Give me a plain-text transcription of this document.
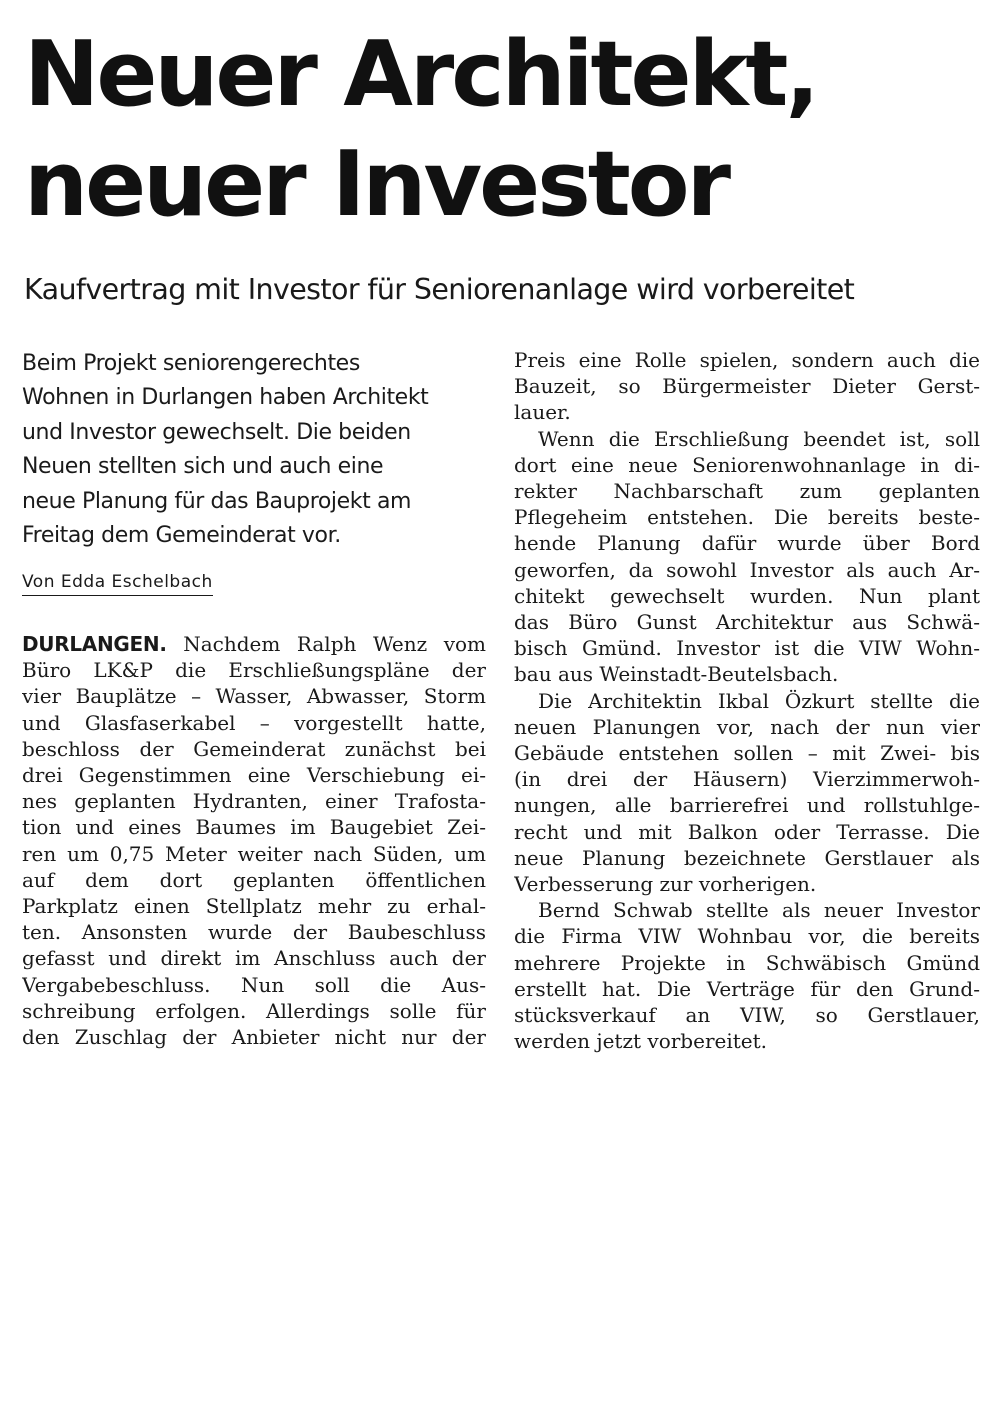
Neuer Architekt,
neuer Investor
Kaufvertrag mit Investor für Seniorenanlage wird vorbereitet
Beim Projekt seniorengerechtes
Wohnen in Durlangen haben Architekt
und Investor gewechselt. Die beiden
Neuen stellten sich und auch eine
neue Planung für das Bauprojekt am
Freitag dem Gemeinderat vor.
Von Edda Eschelbach
DURLANGEN. Nachdem Ralph Wenz vom
Büro LK&P die Erschließungspläne der
vier Bauplätze – Wasser, Abwasser, Storm
und Glasfaserkabel – vorgestellt hatte,
beschloss der Gemeinderat zunächst bei
drei Gegenstimmen eine Verschiebung ei-
nes geplanten Hydranten, einer Trafosta-
tion und eines Baumes im Baugebiet Zei-
ren um 0,75 Meter weiter nach Süden, um
auf dem dort geplanten öffentlichen
Parkplatz einen Stellplatz mehr zu erhal-
ten. Ansonsten wurde der Baubeschluss
gefasst und direkt im Anschluss auch der
Vergabebeschluss. Nun soll die Aus-
schreibung erfolgen. Allerdings solle für
den Zuschlag der Anbieter nicht nur der
Preis eine Rolle spielen, sondern auch die
Bauzeit, so Bürgermeister Dieter Gerst-
lauer.
Wenn die Erschließung beendet ist, soll
dort eine neue Seniorenwohnanlage in di-
rekter Nachbarschaft zum geplanten
Pflegeheim entstehen. Die bereits beste-
hende Planung dafür wurde über Bord
geworfen, da sowohl Investor als auch Ar-
chitekt gewechselt wurden. Nun plant
das Büro Gunst Architektur aus Schwä-
bisch Gmünd. Investor ist die VIW Wohn-
bau aus Weinstadt-Beutelsbach.
Die Architektin Ikbal Özkurt stellte die
neuen Planungen vor, nach der nun vier
Gebäude entstehen sollen – mit Zwei- bis
(in drei der Häusern) Vierzimmerwoh-
nungen, alle barrierefrei und rollstuhlge-
recht und mit Balkon oder Terrasse. Die
neue Planung bezeichnete Gerstlauer als
Verbesserung zur vorherigen.
Bernd Schwab stellte als neuer Investor
die Firma VIW Wohnbau vor, die bereits
mehrere Projekte in Schwäbisch Gmünd
erstellt hat. Die Verträge für den Grund-
stücksverkauf an VIW, so Gerstlauer,
werden jetzt vorbereitet.
